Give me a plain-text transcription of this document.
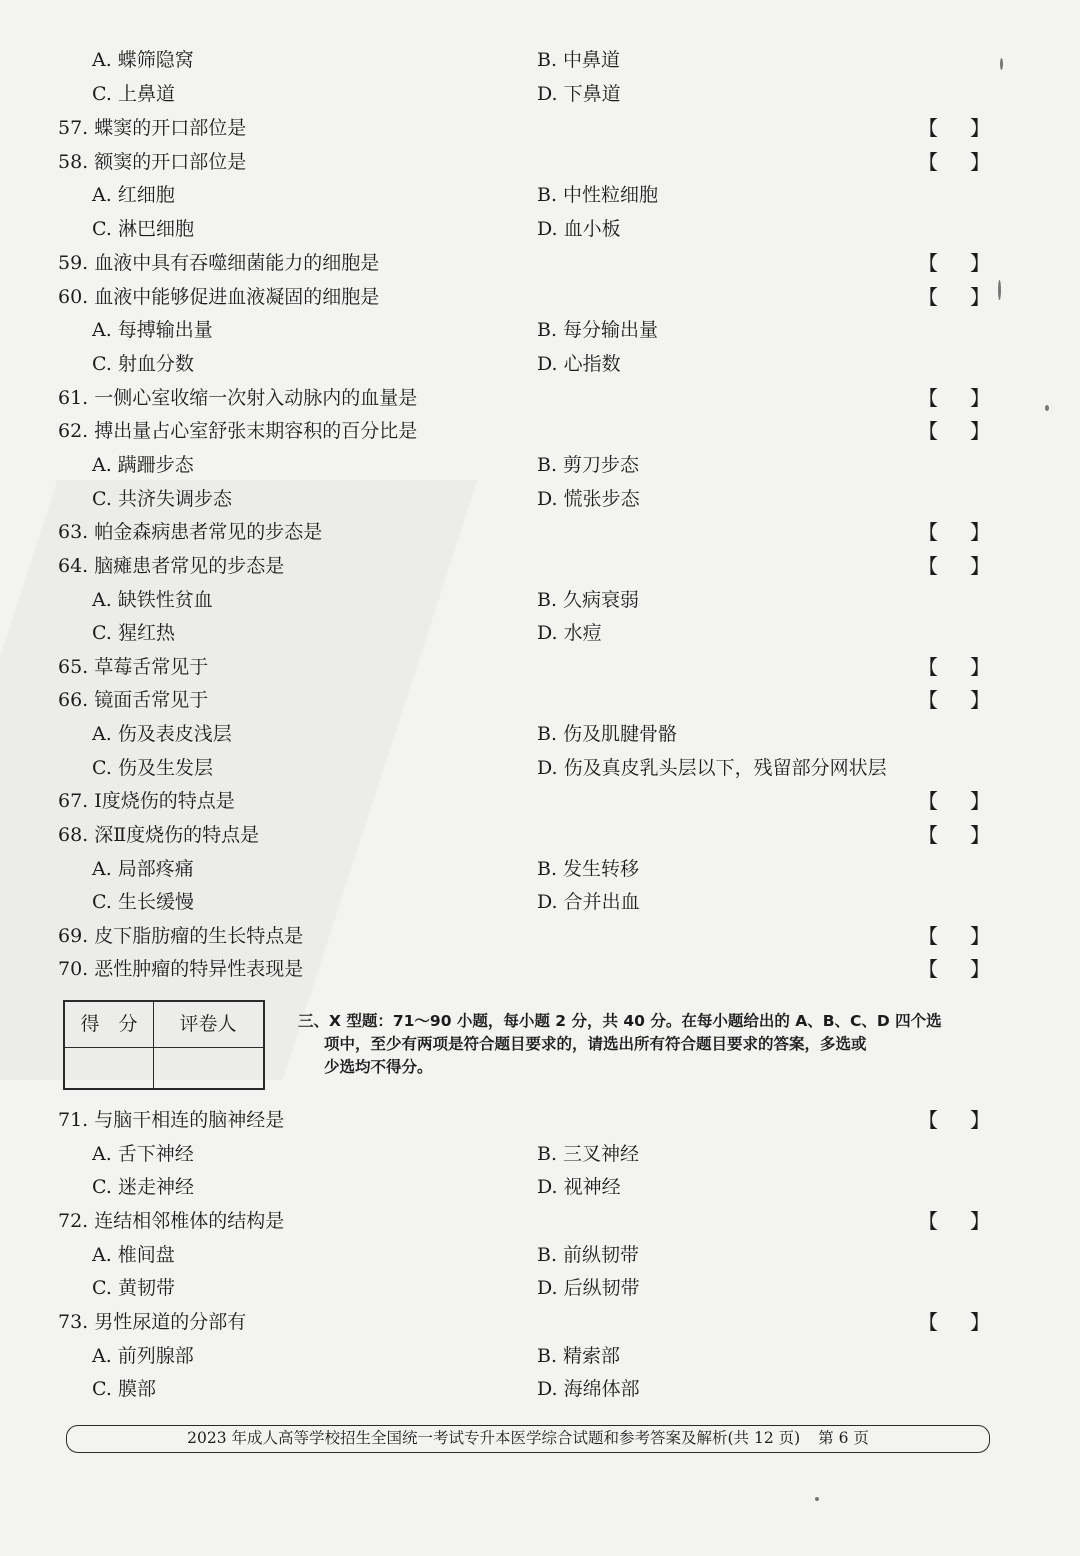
A. 蝶筛隐窝	B. 中鼻道
C. 上鼻道	D. 下鼻道
57. 蝶窦的开口部位是	【 】
58. 额窦的开口部位是	【 】
A. 红细胞	B. 中性粒细胞
C. 淋巴细胞	D. 血小板
59. 血液中具有吞噬细菌能力的细胞是	【 】
60. 血液中能够促进血液凝固的细胞是	【 】
A. 每搏输出量	B. 每分输出量
C. 射血分数	D. 心指数
61. 一侧心室收缩一次射入动脉内的血量是	【 】
62. 搏出量占心室舒张末期容积的百分比是	【 】
A. 蹒跚步态	B. 剪刀步态
C. 共济失调步态	D. 慌张步态
63. 帕金森病患者常见的步态是	【 】
64. 脑瘫患者常见的步态是	【 】
A. 缺铁性贫血	B. 久病衰弱
C. 猩红热	D. 水痘
65. 草莓舌常见于	【 】
66. 镜面舌常见于	【 】
A. 伤及表皮浅层	B. 伤及肌腱骨骼
C. 伤及生发层	D. 伤及真皮乳头层以下，残留部分网状层
67. Ⅰ度烧伤的特点是	【 】
68. 深Ⅱ度烧伤的特点是	【 】
A. 局部疼痛	B. 发生转移
C. 生长缓慢	D. 合并出血
69. 皮下脂肪瘤的生长特点是	【 】
70. 恶性肿瘤的特异性表现是	【 】
得　分	评卷人	三、X 型题：71～90 小题，每小题 2 分，共 40 分。在每小题给出的 A、B、C、D 四个选
项中，至少有两项是符合题目要求的，请选出所有符合题目要求的答案，多选或
少选均不得分。
71. 与脑干相连的脑神经是	【 】
A. 舌下神经	B. 三叉神经
C. 迷走神经	D. 视神经
72. 连结相邻椎体的结构是	【 】
A. 椎间盘	B. 前纵韧带
C. 黄韧带	D. 后纵韧带
73. 男性尿道的分部有	【 】
A. 前列腺部	B. 精索部
C. 膜部	D. 海绵体部
2023 年成人高等学校招生全国统一考试专升本医学综合试题和参考答案及解析(共 12 页) 第 6 页
